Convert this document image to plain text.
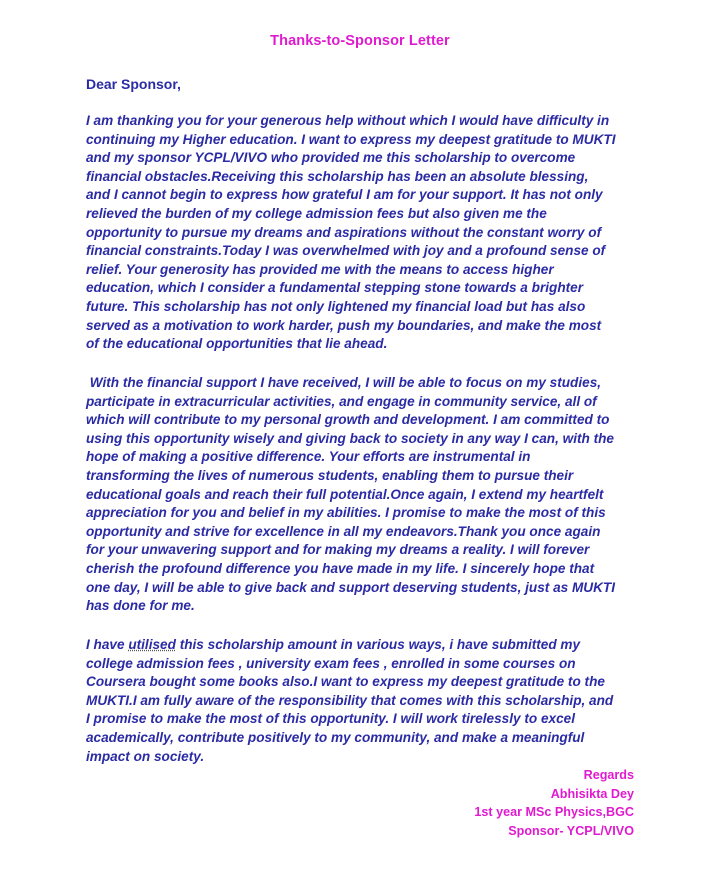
Thanks-to-Sponsor Letter
Dear Sponsor,

I am thanking you for your generous help without which I would have difficulty in
continuing my Higher education. I want to express my deepest gratitude to MUKTI
and my sponsor YCPL/VIVO who provided me this scholarship to overcome
financial obstacles.Receiving this scholarship has been an absolute blessing,
and I cannot begin to express how grateful I am for your support. It has not only
relieved the burden of my college admission fees but also given me the
opportunity to pursue my dreams and aspirations without the constant worry of
financial constraints.Today I was overwhelmed with joy and a profound sense of
relief. Your generosity has provided me with the means to access higher
education, which I consider a fundamental stepping stone towards a brighter
future. This scholarship has not only lightened my financial load but has also
served as a motivation to work harder, push my boundaries, and make the most
of the educational opportunities that lie ahead.

With the financial support I have received, I will be able to focus on my studies,
participate in extracurricular activities, and engage in community service, all of
which will contribute to my personal growth and development. I am committed to
using this opportunity wisely and giving back to society in any way I can, with the
hope of making a positive difference. Your efforts are instrumental in
transforming the lives of numerous students, enabling them to pursue their
educational goals and reach their full potential.Once again, I extend my heartfelt
appreciation for you and belief in my abilities. I promise to make the most of this
opportunity and strive for excellence in all my endeavors.Thank you once again
for your unwavering support and for making my dreams a reality. I will forever
cherish the profound difference you have made in my life. I sincerely hope that
one day, I will be able to give back and support deserving students, just as MUKTI
has done for me.

I have utilised this scholarship amount in various ways, i have submitted my
college admission fees , university exam fees , enrolled in some courses on
Coursera bought some books also.I want to express my deepest gratitude to the
MUKTI.I am fully aware of the responsibility that comes with this scholarship, and
I promise to make the most of this opportunity. I will work tirelessly to excel
academically, contribute positively to my community, and make a meaningful
impact on society.

Regards
Abhisikta Dey
1st year MSc Physics,BGC
Sponsor- YCPL/VIVO
